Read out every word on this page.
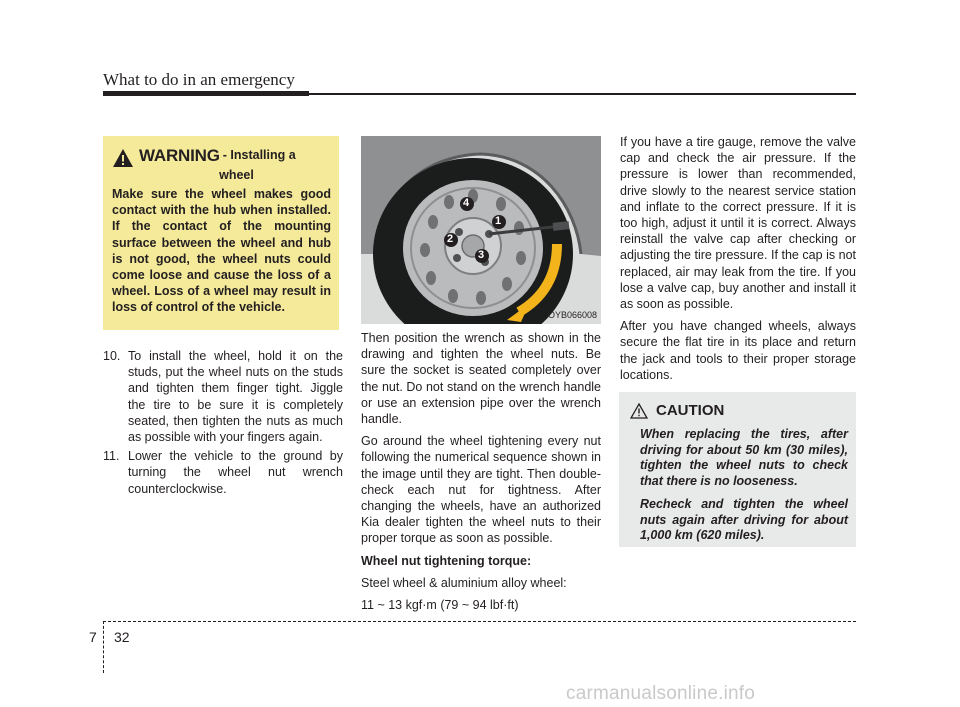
What to do in an emergency
WARNING - Installing a
wheel
Make sure the wheel makes good contact with the hub when installed. If the contact of the mounting surface between the wheel and hub is not good, the wheel nuts could come loose and cause the loss of a wheel. Loss of a wheel may result in loss of control of the vehicle.
10. To install the wheel, hold it on the studs, put the wheel nuts on the studs and tighten them finger tight. Jiggle the tire to be sure it is completely seated, then tighten the nuts as much as possible with your fingers again.
11. Lower the vehicle to the ground by turning the wheel nut wrench counterclockwise.
1
2
3
4
OYB066008

Then position the wrench as shown in the drawing and tighten the wheel nuts. Be sure the socket is seated completely over the nut. Do not stand on the wrench handle or use an extension pipe over the wrench handle.

Go around the wheel tightening every nut following the numerical sequence shown in the image until they are tight. Then double-check each nut for tightness. After changing the wheels, have an authorized Kia dealer tighten the wheel nuts to their proper torque as soon as possible.

Wheel nut tightening torque:

Steel wheel & aluminium alloy wheel:

11 ~ 13 kgf·m (79 ~ 94 lbf·ft)

If you have a tire gauge, remove the valve cap and check the air pressure. If the pressure is lower than recommended, drive slowly to the nearest service station and inflate to the correct pressure. If it is too high, adjust it until it is correct. Always reinstall the valve cap after checking or adjusting the tire pressure. If the cap is not replaced, air may leak from the tire. If you lose a valve cap, buy another and install it as soon as possible.

After you have changed wheels, always secure the flat tire in its place and return the jack and tools to their proper storage locations.

CAUTION

When replacing the tires, after driving for about 50 km (30 miles), tighten the wheel nuts to check that there is no looseness.

Recheck and tighten the wheel nuts again after driving for about 1,000 km (620 miles).

7 32
carmanualsonline.info
